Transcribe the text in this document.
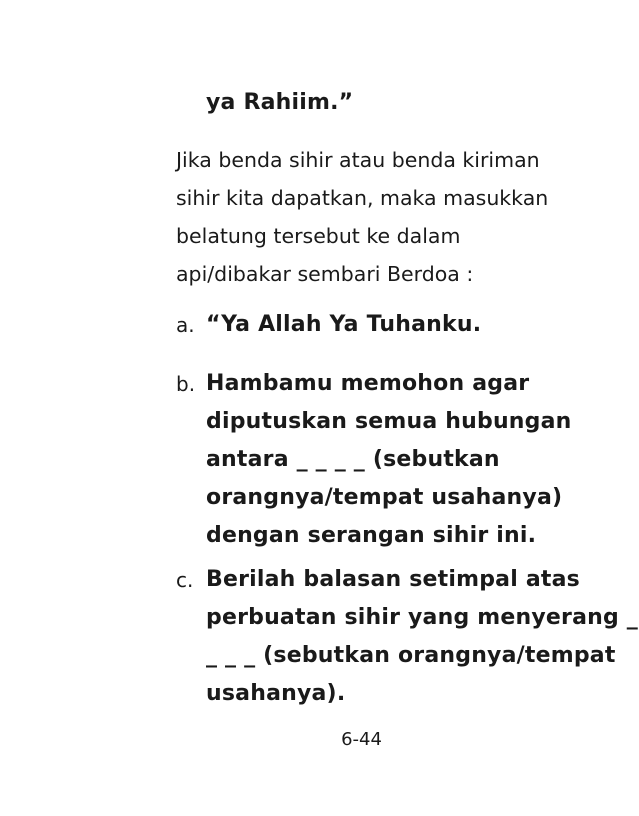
ya Rahiim.”
Jika benda sihir atau benda kiriman
sihir kita dapatkan, maka masukkan
belatung tersebut ke dalam
api/dibakar sembari Berdoa :
a. “Ya Allah Ya Tuhanku.
b. Hambamu memohon agar
diputuskan semua hubungan
antara _ _ _ _ (sebutkan
orangnya/tempat usahanya)
dengan serangan sihir ini.
c. Berilah balasan setimpal atas
perbuatan sihir yang menyerang _
_ _ _ (sebutkan orangnya/tempat
usahanya).
6-44
